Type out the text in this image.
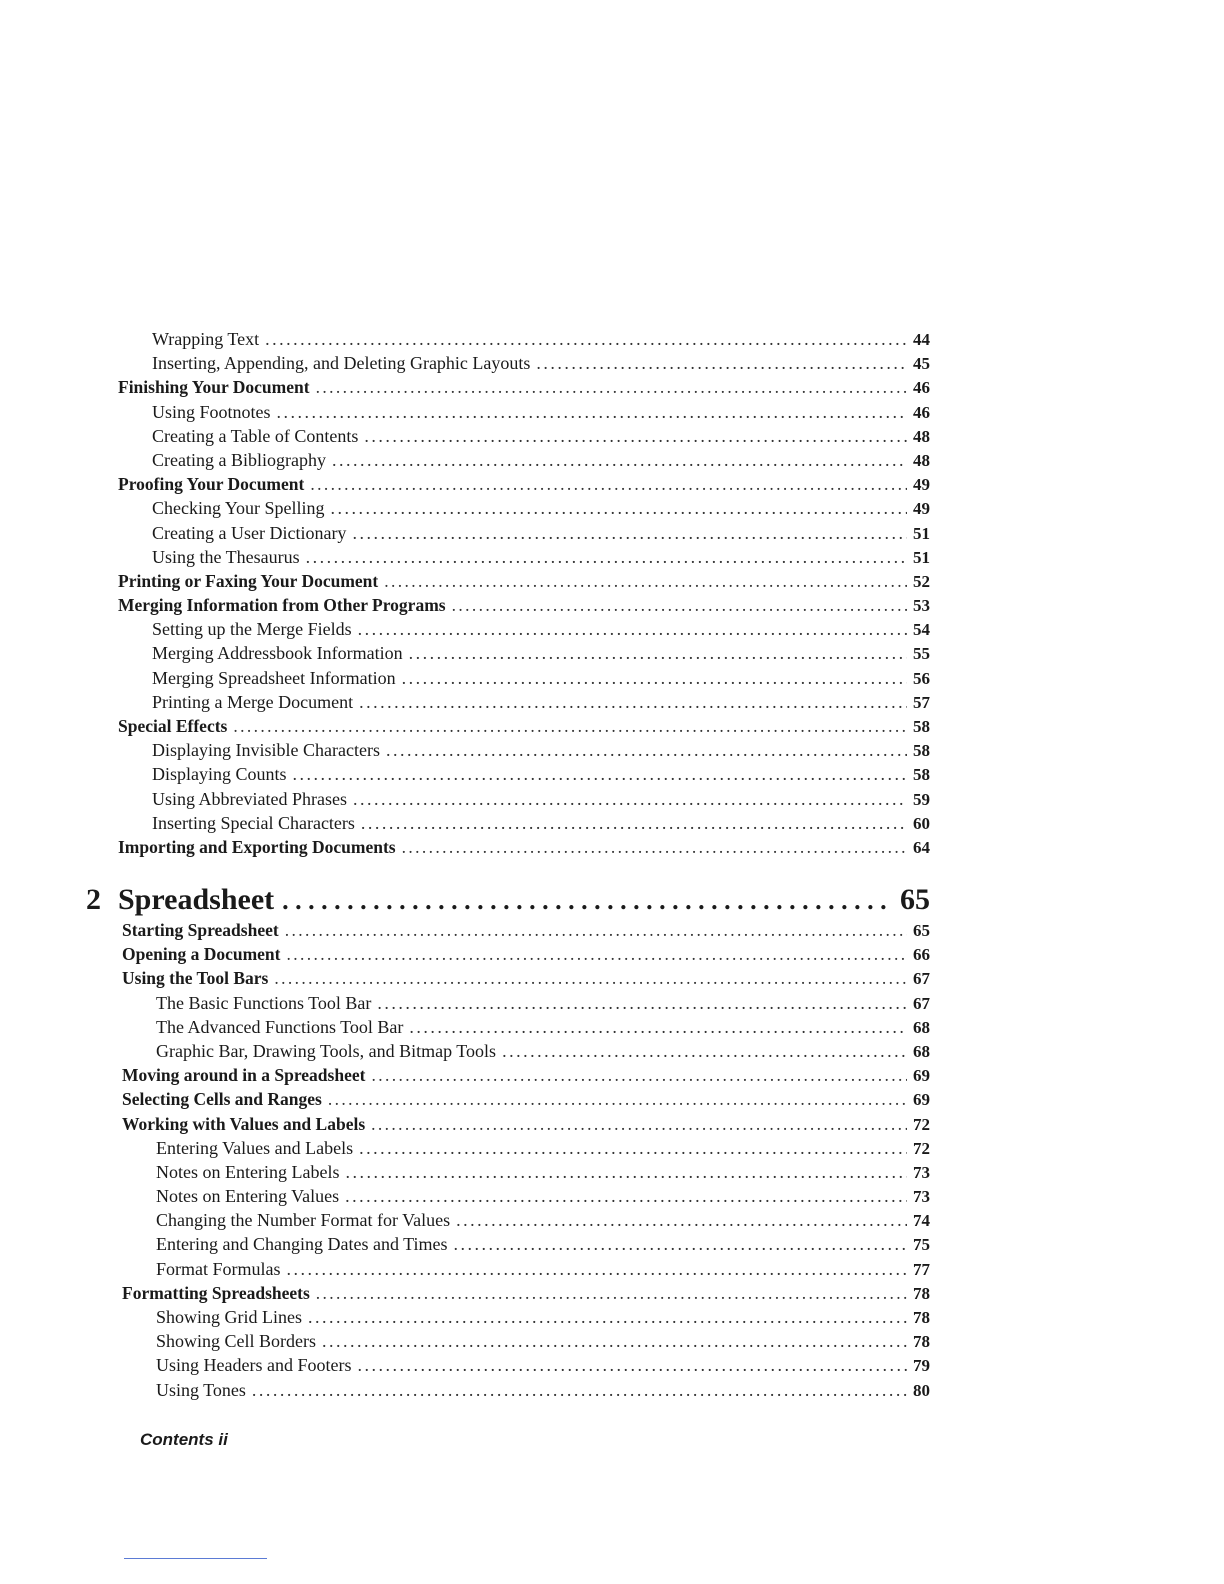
Wrapping Text . . .	44
Inserting, Appending, and Deleting Graphic Layouts . . .	45
Finishing Your Document . . .	46
Using Footnotes . . .	46
Creating a Table of Contents . . .	48
Creating a Bibliography . . .	48
Proofing Your Document . . .	49
Checking Your Spelling . . .	49
Creating a User Dictionary . . .	51
Using the Thesaurus . . .	51
Printing or Faxing Your Document . . .	52
Merging Information from Other Programs . . .	53
Setting up the Merge Fields . . .	54
Merging Addressbook Information . . .	55
Merging Spreadsheet Information . . .	56
Printing a Merge Document . . .	57
Special Effects . . .	58
Displaying Invisible Characters . . .	58
Displaying Counts . . .	58
Using Abbreviated Phrases . . .	59
Inserting Special Characters . . .	60
Importing and Exporting Documents . . .	64
2 Spreadsheet . . .	65
Starting Spreadsheet . . .	65
Opening a Document . . .	66
Using the Tool Bars . . .	67
The Basic Functions Tool Bar . . .	67
The Advanced Functions Tool Bar . . .	68
Graphic Bar, Drawing Tools, and Bitmap Tools . . .	68
Moving around in a Spreadsheet . . .	69
Selecting Cells and Ranges . . .	69
Working with Values and Labels . . .	72
Entering Values and Labels . . .	72
Notes on Entering Labels . . .	73
Notes on Entering Values . . .	73
Changing the Number Format for Values . . .	74
Entering and Changing Dates and Times . . .	75
Format Formulas . . .	77
Formatting Spreadsheets . . .	78
Showing Grid Lines . . .	78
Showing Cell Borders . . .	78
Using Headers and Footers . . .	79
Using Tones . . .	80
Contents ii
